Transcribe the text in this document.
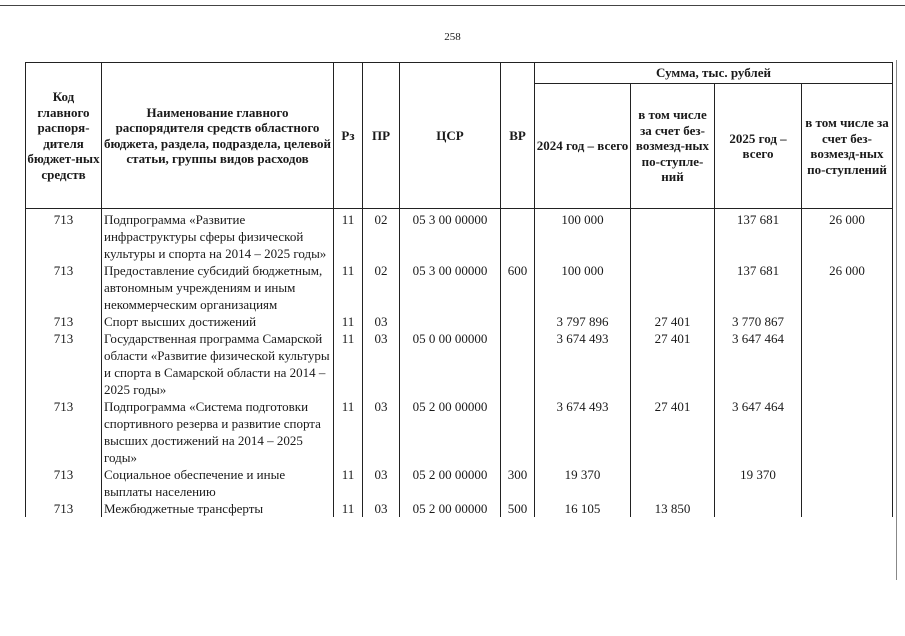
258
Код главного распоря-дителя бюджет-ных средств	Наименование главного распорядителя средств областного бюджета, раздела, подраздела, целевой статьи, группы видов расходов	Рз	ПР	ЦСР	ВР	Сумма, тыс. рублей			
						2024 год – всего	в том числе за счет без-возмезд-ных по-ступле-ний	2025 год – всего	в том числе за счет без-возмезд-ных по-ступлений
713	Подпрограмма «Развитие инфраструктуры сферы физической культуры и спорта на 2014 – 2025 годы»	11	02	05 3 00 00000		100 000		137 681	26 000
713	Предоставление субсидий бюджетным, автономным учреждениям и иным некоммерческим организациям	11	02	05 3 00 00000	600	100 000		137 681	26 000
713	Спорт высших достижений	11	03			3 797 896	27 401	3 770 867	
713	Государственная программа Самарской области «Развитие физической культуры и спорта в Самарской области на 2014 – 2025 годы»	11	03	05 0 00 00000		3 674 493	27 401	3 647 464	
713	Подпрограмма «Система подготовки спортивного резерва и развитие спорта высших достижений на 2014 – 2025 годы»	11	03	05 2 00 00000		3 674 493	27 401	3 647 464	
713	Социальное обеспечение и иные выплаты населению	11	03	05 2 00 00000	300	19 370		19 370	
713	Межбюджетные трансферты	11	03	05 2 00 00000	500	16 105	13 850		
